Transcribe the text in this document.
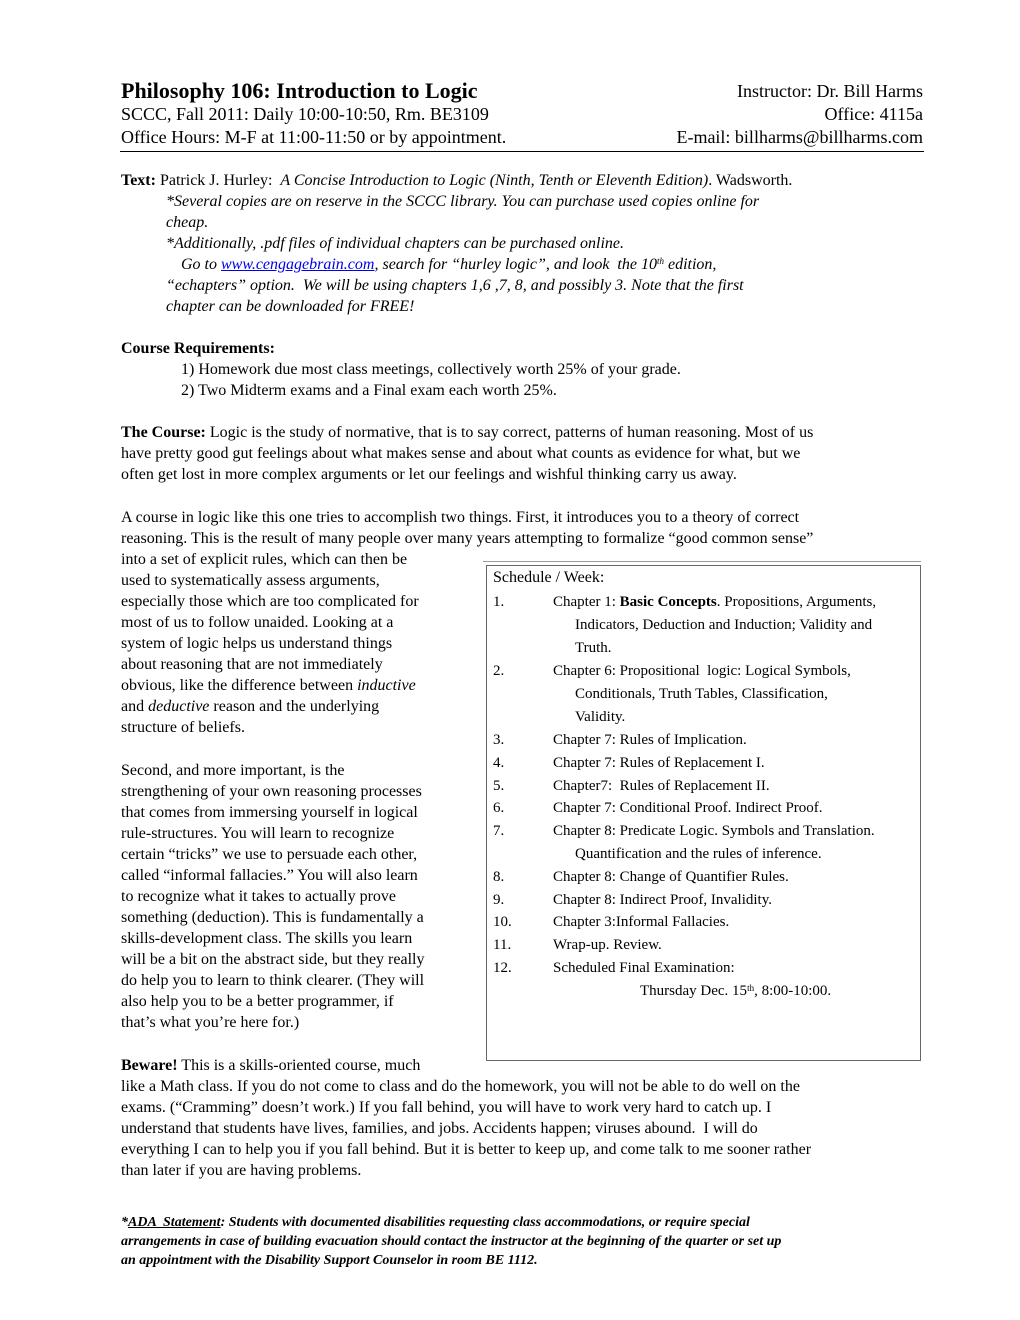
Philosophy 106: Introduction to Logic	Instructor: Dr. Bill Harms
SCCC, Fall 2011: Daily 10:00-10:50, Rm. BE3109	Office: 4115a
Office Hours: M-F at 11:00-11:50 or by appointment.	E-mail: billharms@billharms.com
Text: Patrick J. Hurley:  A Concise Introduction to Logic (Ninth, Tenth or Eleventh Edition). Wadsworth.
*Several copies are on reserve in the SCCC library. You can purchase used copies online for
cheap.
*Additionally, .pdf files of individual chapters can be purchased online.
Go to www.cengagebrain.com, search for “hurley logic”, and look  the 10th edition,
“echapters” option.  We will be using chapters 1,6 ,7, 8, and possibly 3. Note that the first
chapter can be downloaded for FREE!
Course Requirements:
1) Homework due most class meetings, collectively worth 25% of your grade.
2) Two Midterm exams and a Final exam each worth 25%.
The Course: Logic is the study of normative, that is to say correct, patterns of human reasoning. Most of us
have pretty good gut feelings about what makes sense and about what counts as evidence for what, but we
often get lost in more complex arguments or let our feelings and wishful thinking carry us away.
A course in logic like this one tries to accomplish two things. First, it introduces you to a theory of correct
reasoning. This is the result of many people over many years attempting to formalize “good common sense”
into a set of explicit rules, which can then be
used to systematically assess arguments,
especially those which are too complicated for
most of us to follow unaided. Looking at a
system of logic helps us understand things
about reasoning that are not immediately
obvious, like the difference between inductive
and deductive reason and the underlying
structure of beliefs.
Second, and more important, is the
strengthening of your own reasoning processes
that comes from immersing yourself in logical
rule-structures. You will learn to recognize
certain “tricks” we use to persuade each other,
called “informal fallacies.” You will also learn
to recognize what it takes to actually prove
something (deduction). This is fundamentally a
skills-development class. The skills you learn
will be a bit on the abstract side, but they really
do help you to learn to think clearer. (They will
also help you to be a better programmer, if
that’s what you’re here for.)
Beware! This is a skills-oriented course, much
like a Math class. If you do not come to class and do the homework, you will not be able to do well on the
exams. (“Cramming” doesn’t work.) If you fall behind, you will have to work very hard to catch up. I
understand that students have lives, families, and jobs. Accidents happen; viruses abound.  I will do
everything I can to help you if you fall behind. But it is better to keep up, and come talk to me sooner rather
than later if you are having problems.
*ADA  Statement: Students with documented disabilities requesting class accommodations, or require special
arrangements in case of building evacuation should contact the instructor at the beginning of the quarter or set up
an appointment with the Disability Support Counselor in room BE 1112.
Schedule / Week:
1.	Chapter 1: Basic Concepts. Propositions, Arguments,
Indicators, Deduction and Induction; Validity and
Truth.
2.	Chapter 6: Propositional  logic: Logical Symbols,
Conditionals, Truth Tables, Classification,
Validity.
3.	Chapter 7: Rules of Implication.
4.	Chapter 7: Rules of Replacement I.
5.	Chapter7:  Rules of Replacement II.
6.	Chapter 7: Conditional Proof. Indirect Proof.
7.	Chapter 8: Predicate Logic. Symbols and Translation.
Quantification and the rules of inference.
8.	Chapter 8: Change of Quantifier Rules.
9.	Chapter 8: Indirect Proof, Invalidity.
10.	Chapter 3:Informal Fallacies.
11.	Wrap-up. Review.
12.	Scheduled Final Examination:
Thursday Dec. 15th, 8:00-10:00.
